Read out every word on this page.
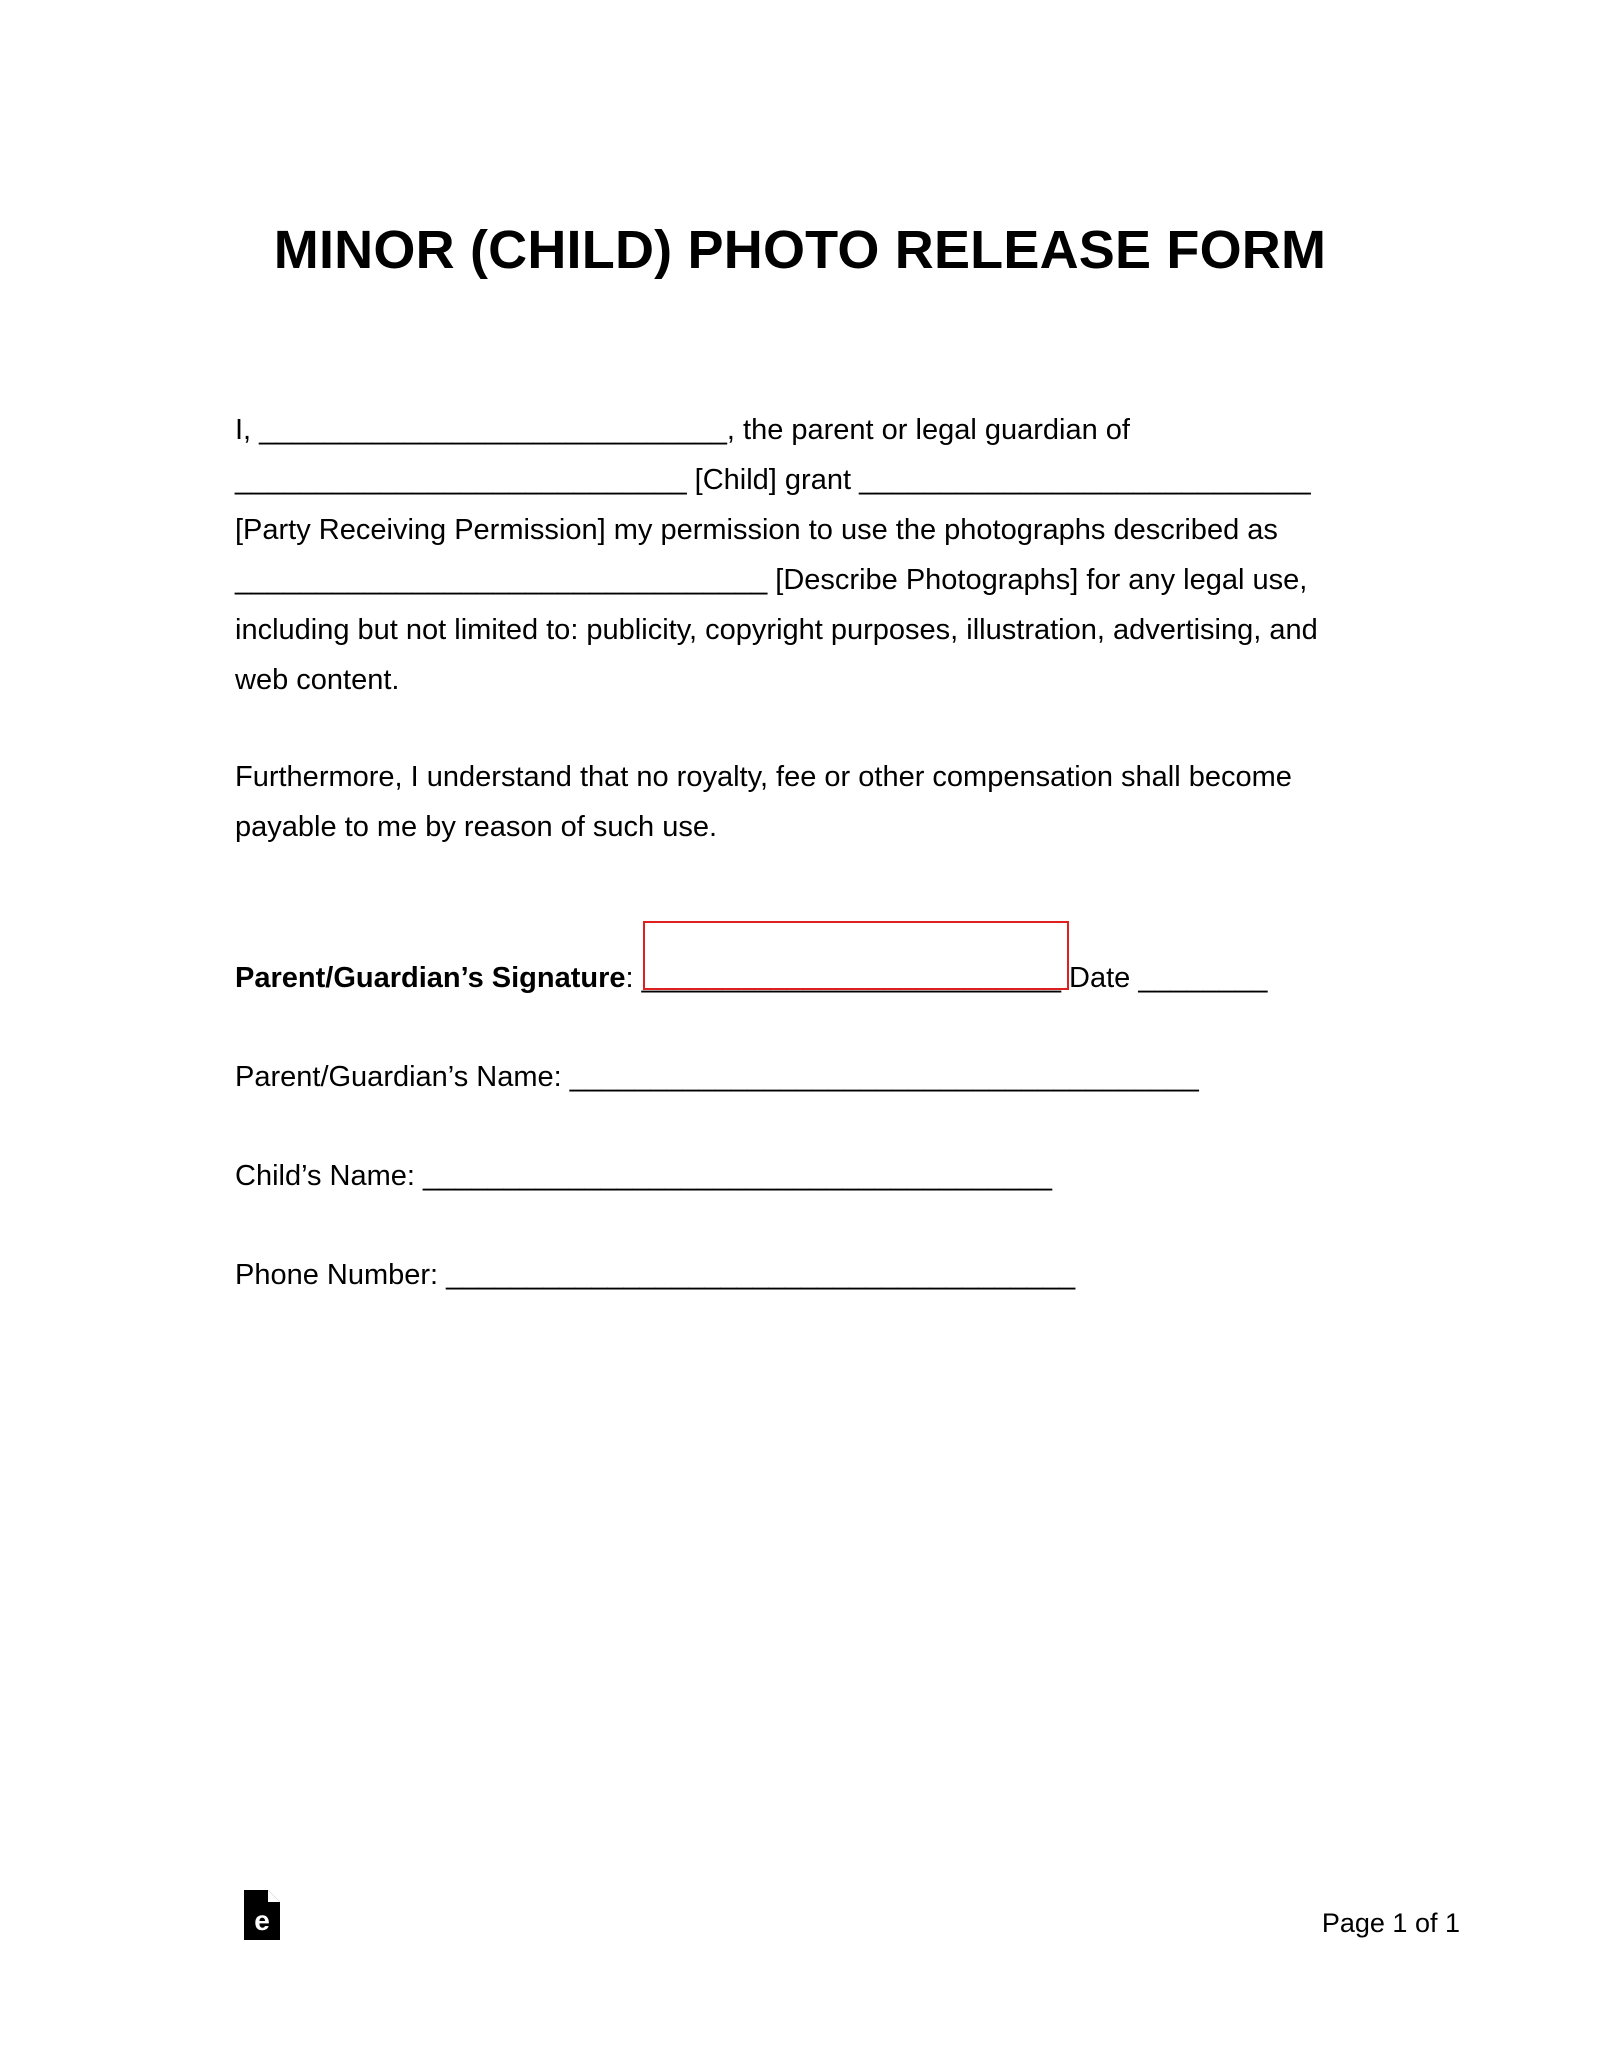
MINOR (CHILD) PHOTO RELEASE FORM
I, _____________________________, the parent or legal guardian of
____________________________ [Child] grant ____________________________
[Party Receiving Permission] my permission to use the photographs described as
_________________________________ [Describe Photographs] for any legal use,
including but not limited to: publicity, copyright purposes, illustration, advertising, and
web content.
Furthermore, I understand that no royalty, fee or other compensation shall become
payable to me by reason of such use.
Parent/Guardian’s Signature: __________________________ Date ________
Parent/Guardian’s Name: _______________________________________
Child’s Name: _______________________________________
Phone Number: _______________________________________
e	Page 1 of 1
